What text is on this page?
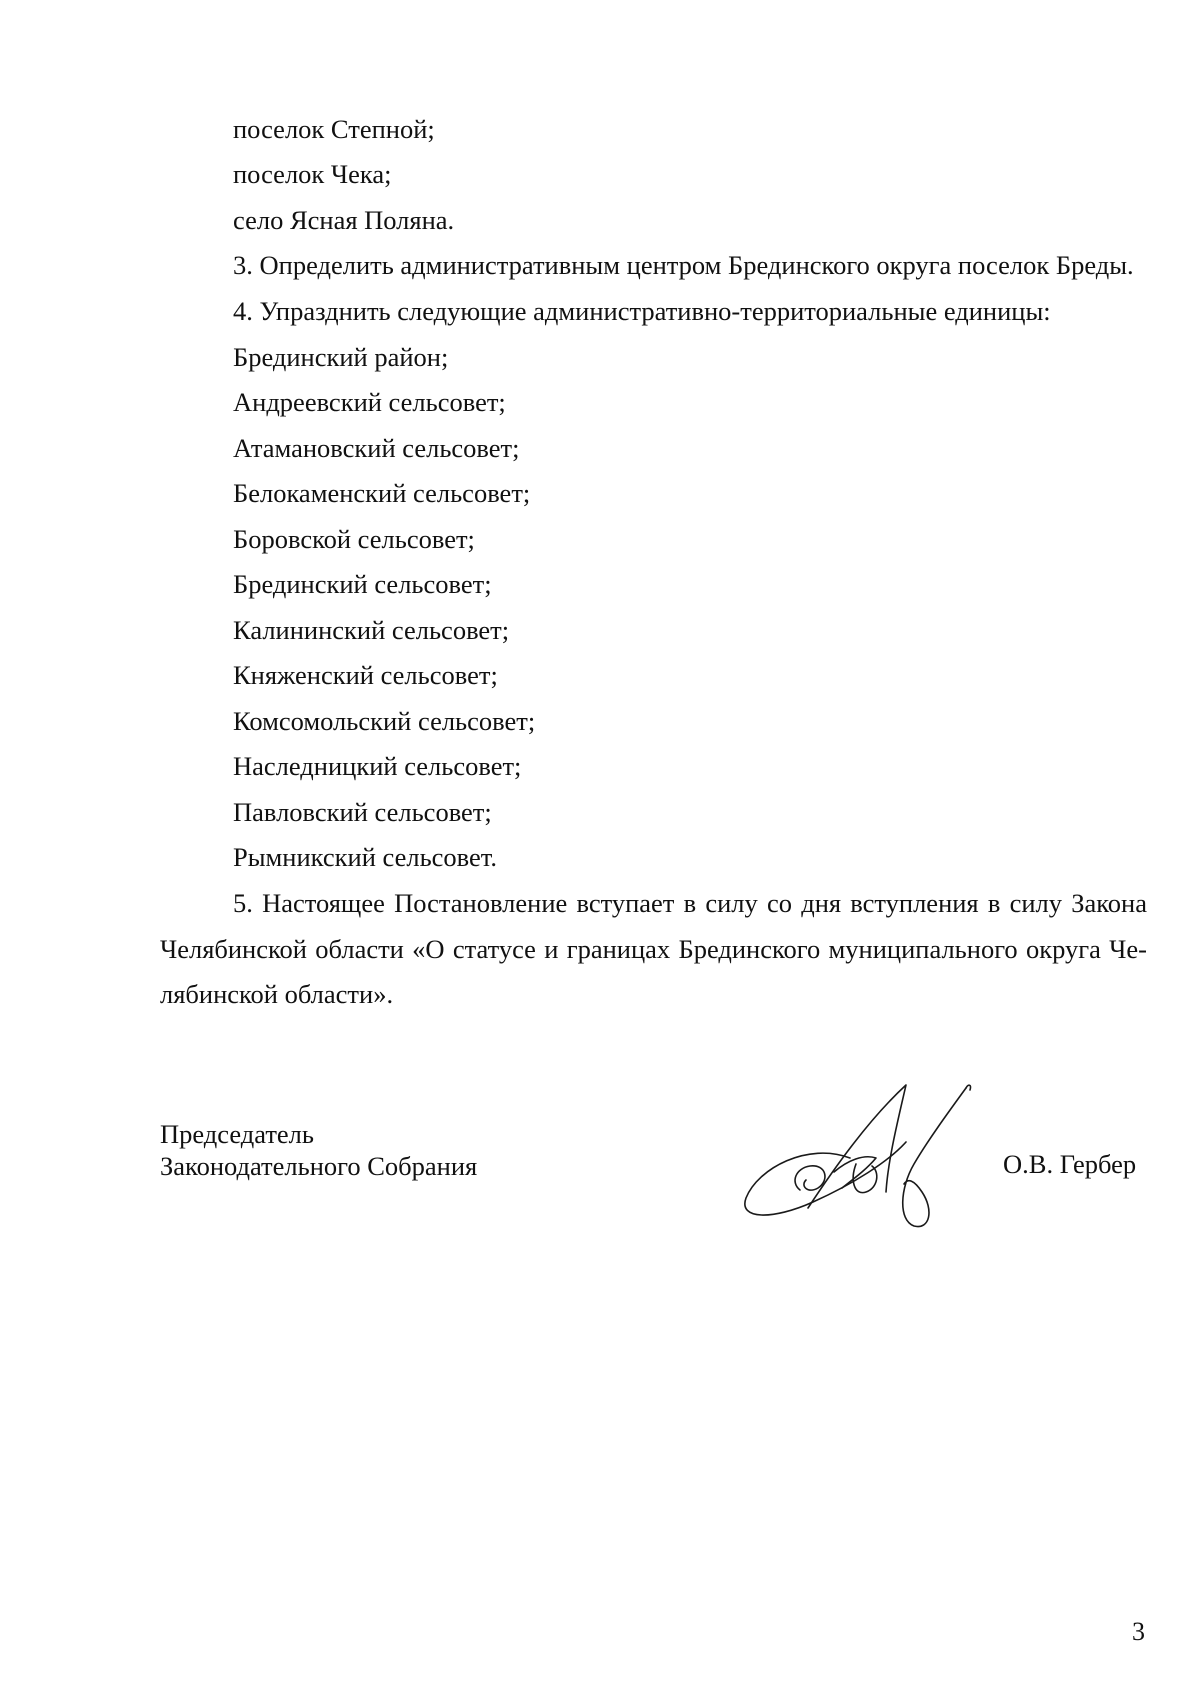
поселок Степной;
поселок Чека;
село Ясная Поляна.
3. Определить административным центром Брединского округа поселок Бреды.
4. Упразднить следующие административно-территориальные единицы:
Брединский район;
Андреевский сельсовет;
Атамановский сельсовет;
Белокаменский сельсовет;
Боровской сельсовет;
Брединский сельсовет;
Калининский сельсовет;
Княженский сельсовет;
Комсомольский сельсовет;
Наследницкий сельсовет;
Павловский сельсовет;
Рымникский сельсовет.
5. Настоящее Постановление вступает в силу со дня вступления в силу Закона
Челябинской области «О статусе и границах Брединского муниципального округа Че-
лябинской области».
Председатель
Законодательного Собрания	О.В. Гербер
3
